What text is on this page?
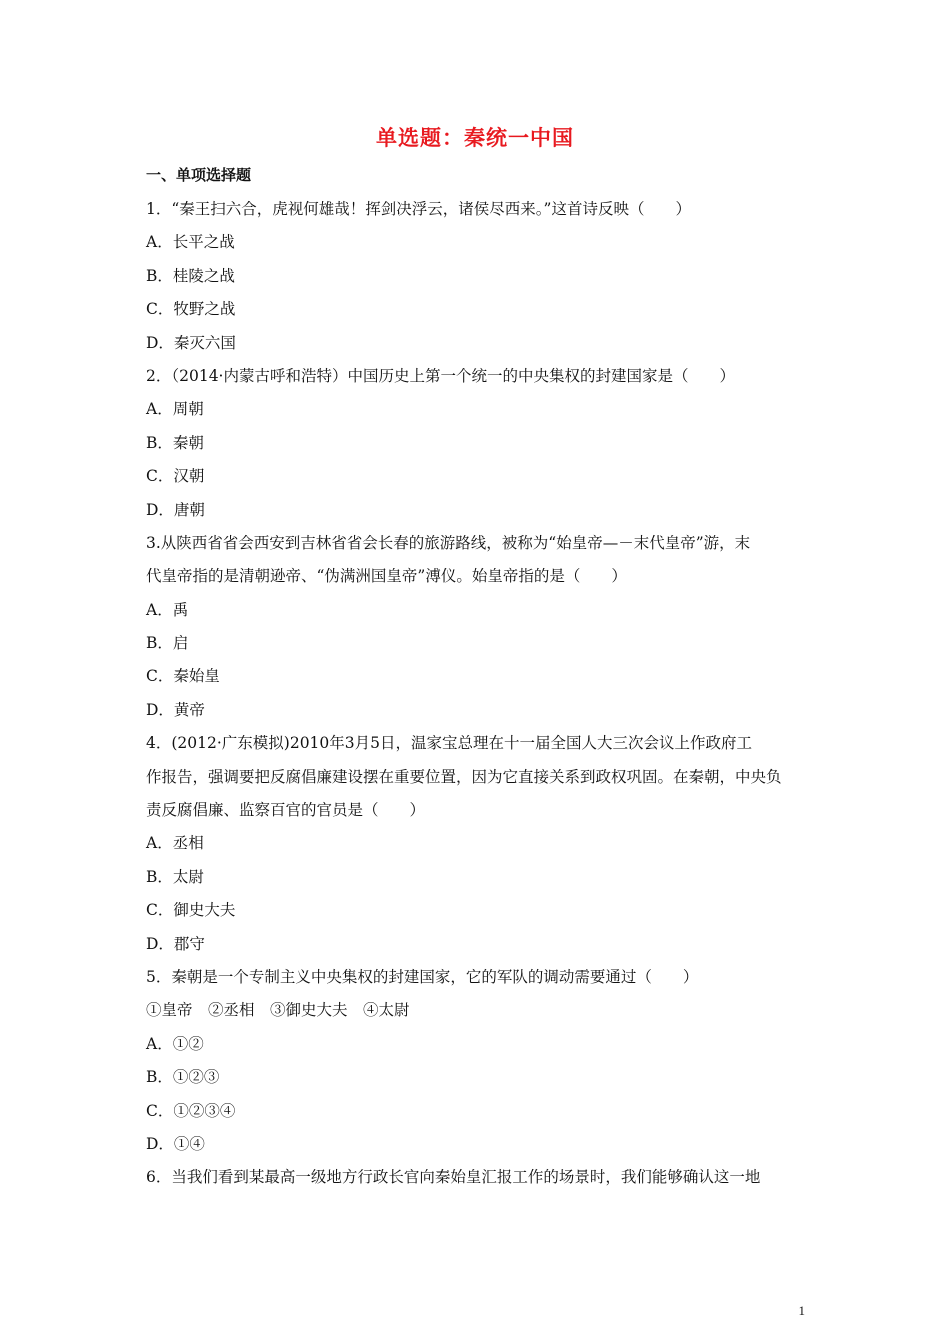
单选题：秦统一中国
一、单项选择题
1．“秦王扫六合，虎视何雄哉！挥剑决浮云，诸侯尽西来。”这首诗反映（　　）
A．长平之战
B．桂陵之战
C．牧野之战
D．秦灭六国
2．（2014·内蒙古呼和浩特）中国历史上第一个统一的中央集权的封建国家是（　　）
A．周朝
B．秦朝
C．汉朝
D．唐朝
3.从陕西省省会西安到吉林省省会长春的旅游路线，被称为“始皇帝—－末代皇帝”游，末
代皇帝指的是清朝逊帝、“伪满洲国皇帝”溥仪。始皇帝指的是（　　）
A．禹
B．启
C．秦始皇
D．黄帝
4．(2012·广东模拟)2010年3月5日，温家宝总理在十一届全国人大三次会议上作政府工
作报告，强调要把反腐倡廉建设摆在重要位置，因为它直接关系到政权巩固。在秦朝，中央负
责反腐倡廉、监察百官的官员是（　　）
A．丞相
B．太尉
C．御史大夫
D．郡守
5．秦朝是一个专制主义中央集权的封建国家，它的军队的调动需要通过（　　）
①皇帝　②丞相　③御史大夫　④太尉
A．①②
B．①②③
C．①②③④
D．①④
6．当我们看到某最高一级地方行政长官向秦始皇汇报工作的场景时，我们能够确认这一地
1
